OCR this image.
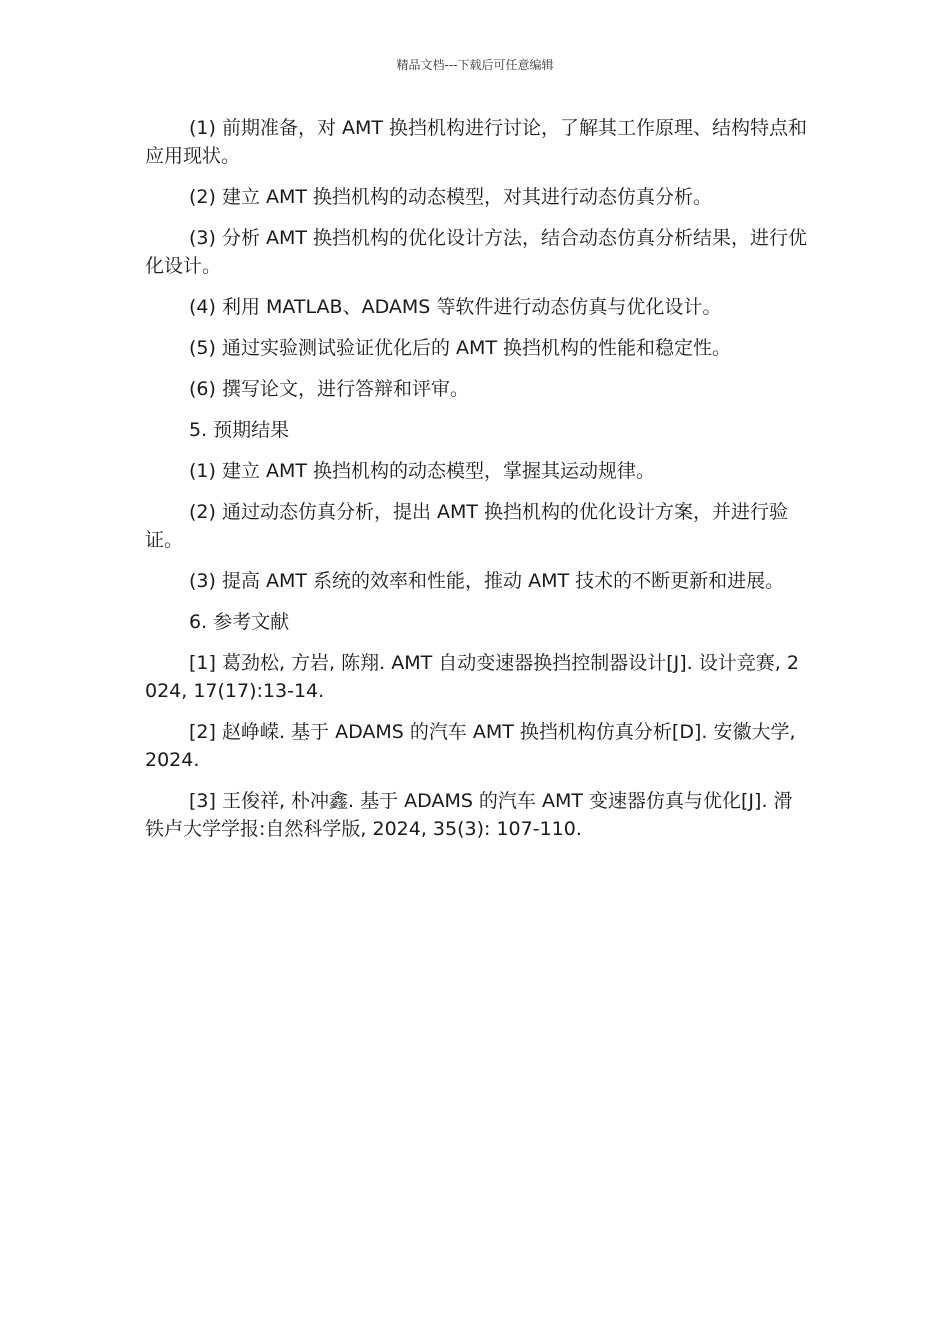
精品文档---下载后可任意编辑

(1) 前期准备，对 AMT 换挡机构进行讨论，了解其工作原理、结构特点和应用现状。

(2) 建立 AMT 换挡机构的动态模型，对其进行动态仿真分析。

(3) 分析 AMT 换挡机构的优化设计方法，结合动态仿真分析结果，进行优化设计。

(4) 利用 MATLAB、ADAMS 等软件进行动态仿真与优化设计。

(5) 通过实验测试验证优化后的 AMT 换挡机构的性能和稳定性。

(6) 撰写论文，进行答辩和评审。

5. 预期结果

(1) 建立 AMT 换挡机构的动态模型，掌握其运动规律。

(2) 通过动态仿真分析，提出 AMT 换挡机构的优化设计方案，并进行验证。

(3) 提高 AMT 系统的效率和性能，推动 AMT 技术的不断更新和进展。

6. 参考文献

[1] 葛劲松, 方岩, 陈翔. AMT 自动变速器换挡控制器设计[J]. 设计竞赛, 2024, 17(17):13-14.

[2] 赵峥嵘. 基于 ADAMS 的汽车 AMT 换挡机构仿真分析[D]. 安徽大学, 2024.

[3] 王俊祥, 朴冲鑫. 基于 ADAMS 的汽车 AMT 变速器仿真与优化[J]. 滑铁卢大学学报:自然科学版, 2024, 35(3): 107-110.
